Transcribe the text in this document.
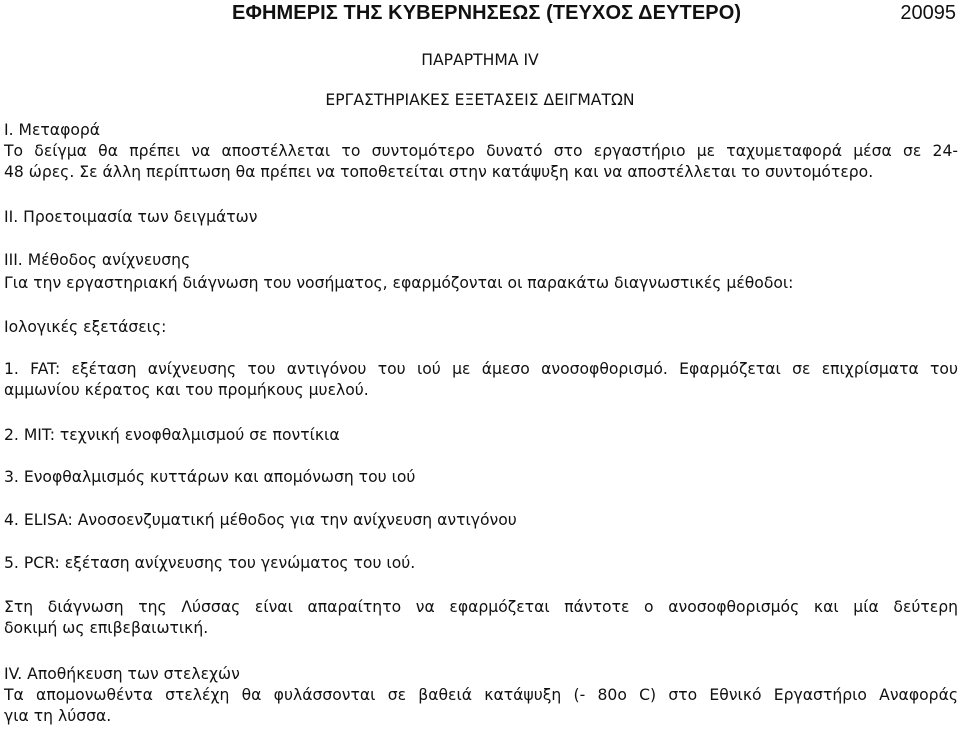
ΕΦΗΜΕΡΙΣ ΤΗΣ ΚΥΒΕΡΝΗΣΕΩΣ (ΤΕΥΧΟΣ ΔΕΥΤΕΡΟ)	20095
ΠΑΡΑΡΤΗΜΑ IV
ΕΡΓΑΣΤΗΡΙΑΚΕΣ ΕΞΕΤΑΣΕΙΣ ΔΕΙΓΜΑΤΩΝ
I. Μεταφορά
Το δείγμα θα πρέπει να αποστέλλεται το συντομότερο δυνατό στο εργαστήριο με ταχυμεταφορά μέσα σε 24-
48 ώρες. Σε άλλη περίπτωση θα πρέπει να τοποθετείται στην κατάψυξη και να αποστέλλεται το συντομότερο.
II. Προετοιμασία των δειγμάτων
III. Μέθοδος ανίχνευσης
Για την εργαστηριακή διάγνωση του νοσήματος, εφαρμόζονται οι παρακάτω διαγνωστικές μέθοδοι:
Ιολογικές εξετάσεις:
1. FAT: εξέταση ανίχνευσης του αντιγόνου του ιού με άμεσο ανοσοφθορισμό. Εφαρμόζεται σε επιχρίσματα του
αμμωνίου κέρατος και του προμήκους μυελού.
2. MIT: τεχνική ενοφθαλμισμού σε ποντίκια
3. Ενοφθαλμισμός κυττάρων και απομόνωση του ιού
4. ELISA: Ανοσοενζυματική μέθοδος για την ανίχνευση αντιγόνου
5. PCR: εξέταση ανίχνευσης του γενώματος του ιού.
Στη διάγνωση της Λύσσας είναι απαραίτητο να εφαρμόζεται πάντοτε ο ανοσοφθορισμός και μία δεύτερη
δοκιμή ως επιβεβαιωτική.
IV. Αποθήκευση των στελεχών
Τα απομονωθέντα στελέχη θα φυλάσσονται σε βαθειά κατάψυξη (- 80ο C) στο Εθνικό Εργαστήριο Αναφοράς
για τη λύσσα.
